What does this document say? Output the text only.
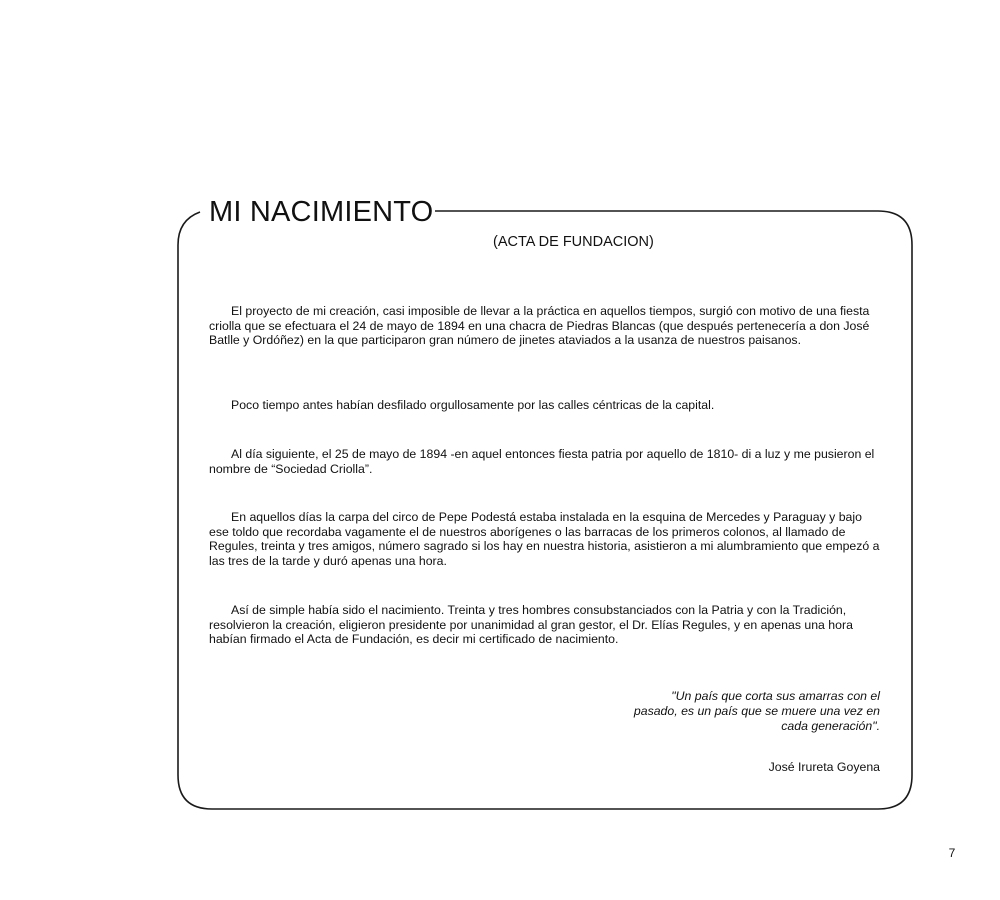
MI NACIMIENTO
(ACTA DE FUNDACION)

El proyecto de mi creación, casi imposible de llevar a la práctica en aquellos tiempos, surgió con motivo de una fiesta criolla que se efectuara el 24 de mayo de 1894 en una chacra de Piedras Blancas (que después pertenecería a don José Batlle y Ordóñez) en la que participaron gran número de jinetes ataviados a la usanza de nuestros paisanos.

Poco tiempo antes habían desfilado orgullosamente por las calles céntricas de la capital.

Al día siguiente, el 25 de mayo de 1894 -en aquel entonces fiesta patria por aquello de 1810- di a luz y me pusieron el nombre de “Sociedad Criolla”.

En aquellos días la carpa del circo de Pepe Podestá estaba instalada en la esquina de Mercedes y Paraguay y bajo ese toldo que recordaba vagamente el de nuestros aborígenes o las barracas de los primeros colonos, al llamado de Regules, treinta y tres amigos, número sagrado si los hay en nuestra historia, asistieron a mi alumbramiento que empezó a las tres de la tarde y duró apenas una hora.

Así de simple había sido el nacimiento. Treinta y tres hombres consubstanciados con la Patria y con la Tradición, resolvieron la creación, eligieron presidente por unanimidad al gran gestor, el Dr. Elías Regules, y en apenas una hora habían firmado el Acta de Fundación, es decir mi certificado de nacimiento.

"Un país que corta sus amarras con el
pasado, es un país que se muere una vez en
cada generación".
José Irureta Goyena
7
